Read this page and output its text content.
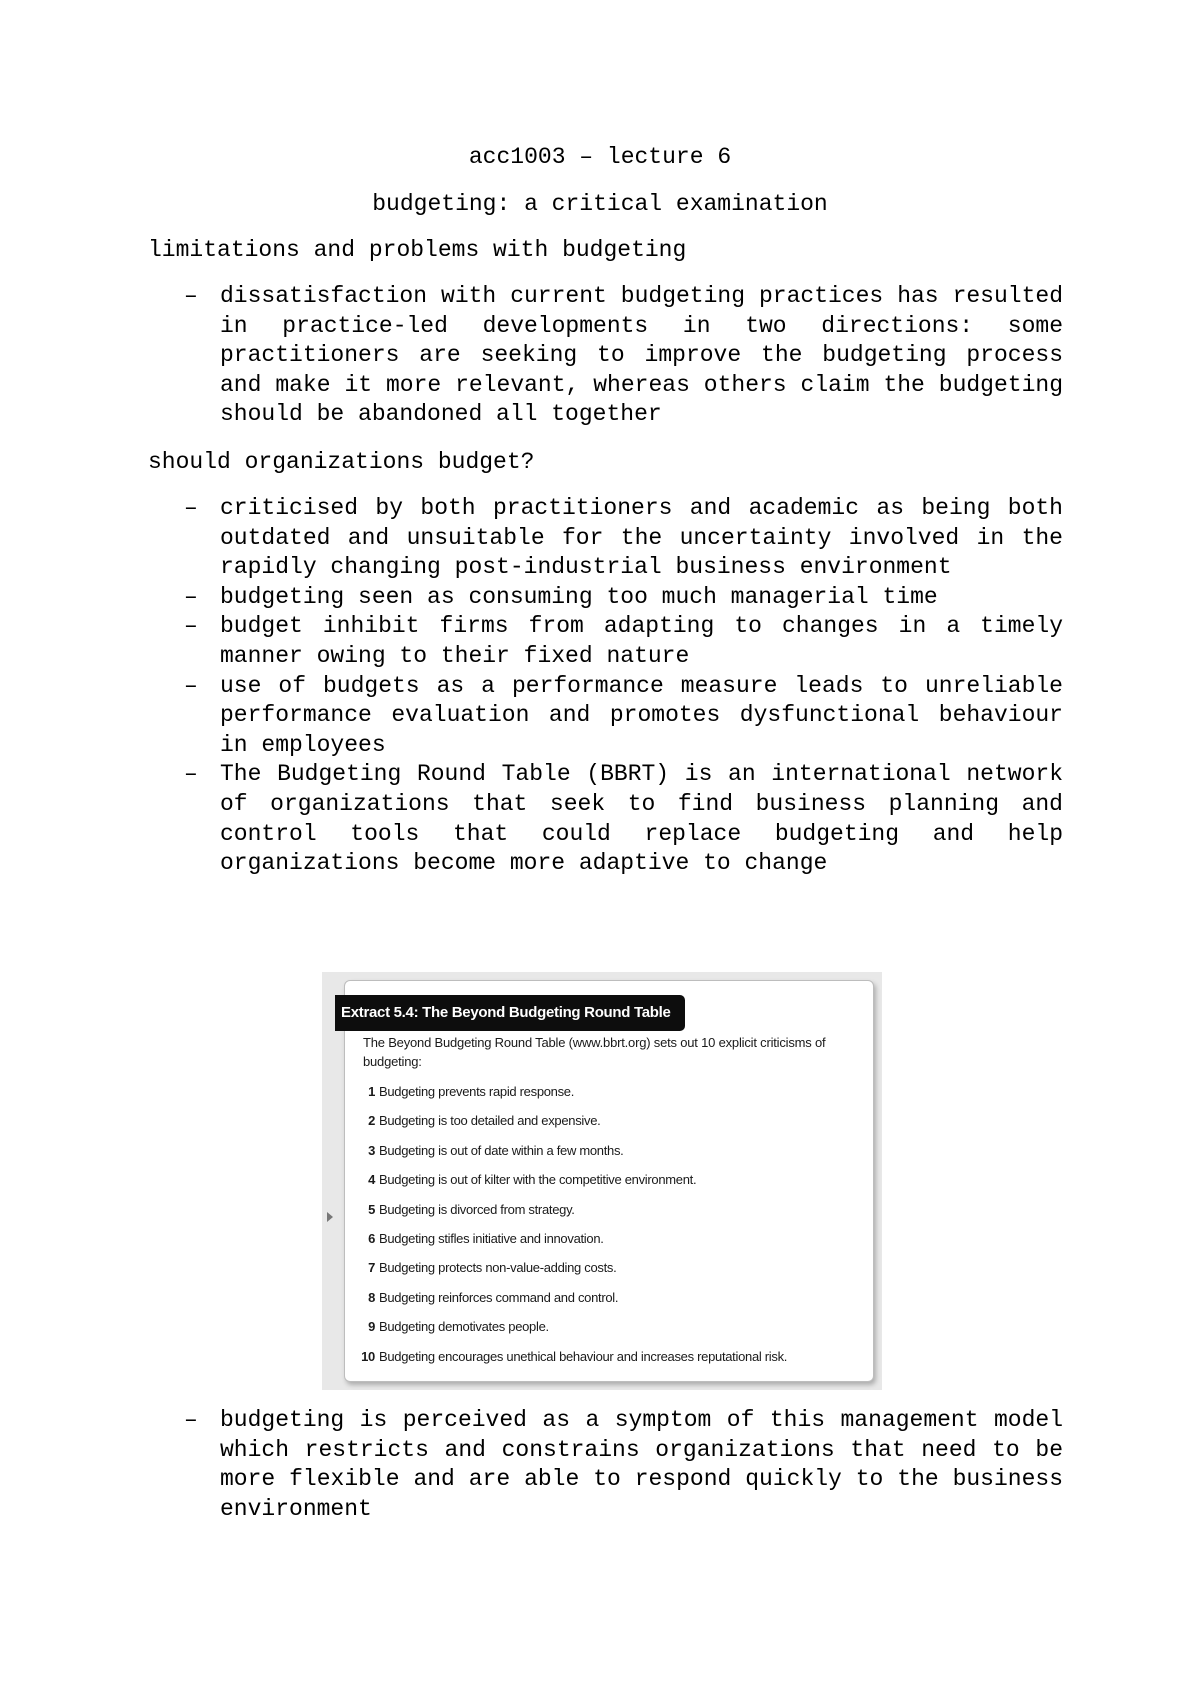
acc1003 – lecture 6
budgeting: a critical examination
limitations and problems with budgeting
– dissatisfaction with current budgeting practices has resulted in practice-led developments in two directions: some practitioners are seeking to improve the budgeting process and make it more relevant, whereas others claim the budgeting should be abandoned all together
should organizations budget?
– criticised by both practitioners and academic as being both outdated and unsuitable for the uncertainty involved in the rapidly changing post-industrial business environment
– budgeting seen as consuming too much managerial time
– budget inhibit firms from adapting to changes in a timely manner owing to their fixed nature
– use of budgets as a performance measure leads to unreliable performance evaluation and promotes dysfunctional behaviour in employees
– The Budgeting Round Table (BBRT) is an international network of organizations that seek to find business planning and control tools that could replace budgeting and help organizations become more adaptive to change
Extract 5.4: The Beyond Budgeting Round Table
The Beyond Budgeting Round Table (www.bbrt.org) sets out 10 explicit criticisms of budgeting:
1 Budgeting prevents rapid response.
2 Budgeting is too detailed and expensive.
3 Budgeting is out of date within a few months.
4 Budgeting is out of kilter with the competitive environment.
5 Budgeting is divorced from strategy.
6 Budgeting stifles initiative and innovation.
7 Budgeting protects non-value-adding costs.
8 Budgeting reinforces command and control.
9 Budgeting demotivates people.
10 Budgeting encourages unethical behaviour and increases reputational risk.
– budgeting is perceived as a symptom of this management model which restricts and constrains organizations that need to be more flexible and are able to respond quickly to the business environment
